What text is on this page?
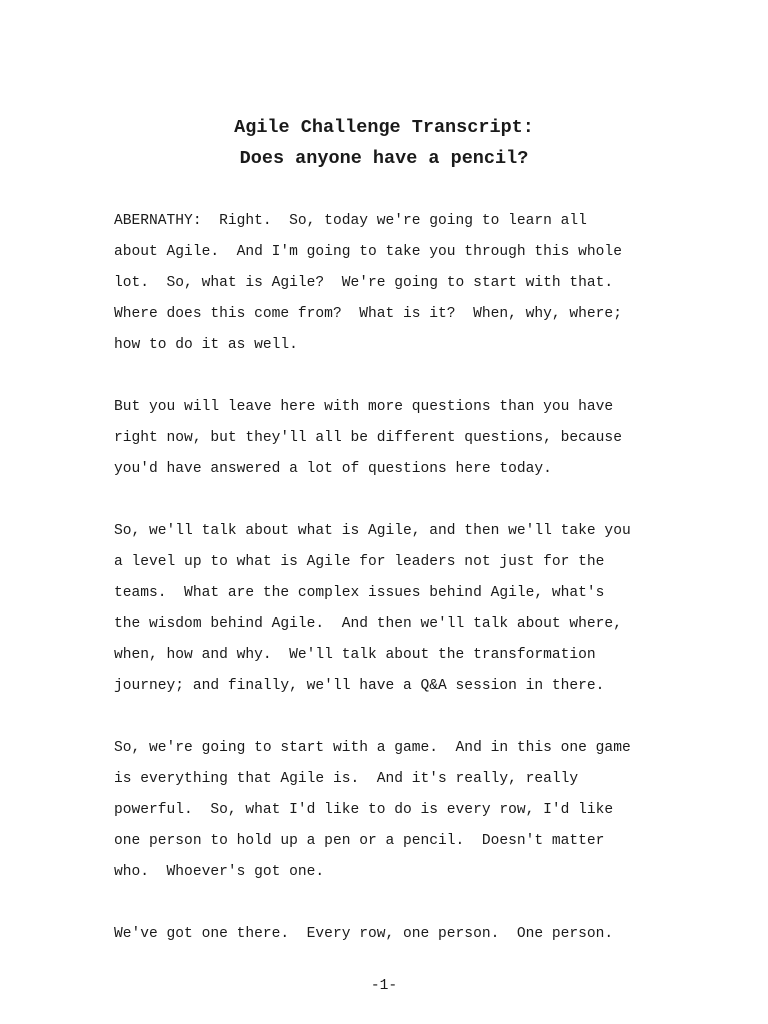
Agile Challenge Transcript:
Does anyone have a pencil?
ABERNATHY:  Right.  So, today we're going to learn all
about Agile.  And I'm going to take you through this whole
lot.  So, what is Agile?  We're going to start with that.
Where does this come from?  What is it?  When, why, where;
how to do it as well.
But you will leave here with more questions than you have
right now, but they'll all be different questions, because
you'd have answered a lot of questions here today.
So, we'll talk about what is Agile, and then we'll take you
a level up to what is Agile for leaders not just for the
teams.  What are the complex issues behind Agile, what's
the wisdom behind Agile.  And then we'll talk about where,
when, how and why.  We'll talk about the transformation
journey; and finally, we'll have a Q&A session in there.
So, we're going to start with a game.  And in this one game
is everything that Agile is.  And it's really, really
powerful.  So, what I'd like to do is every row, I'd like
one person to hold up a pen or a pencil.  Doesn't matter
who.  Whoever's got one.
We've got one there.  Every row, one person.  One person.
-1-
